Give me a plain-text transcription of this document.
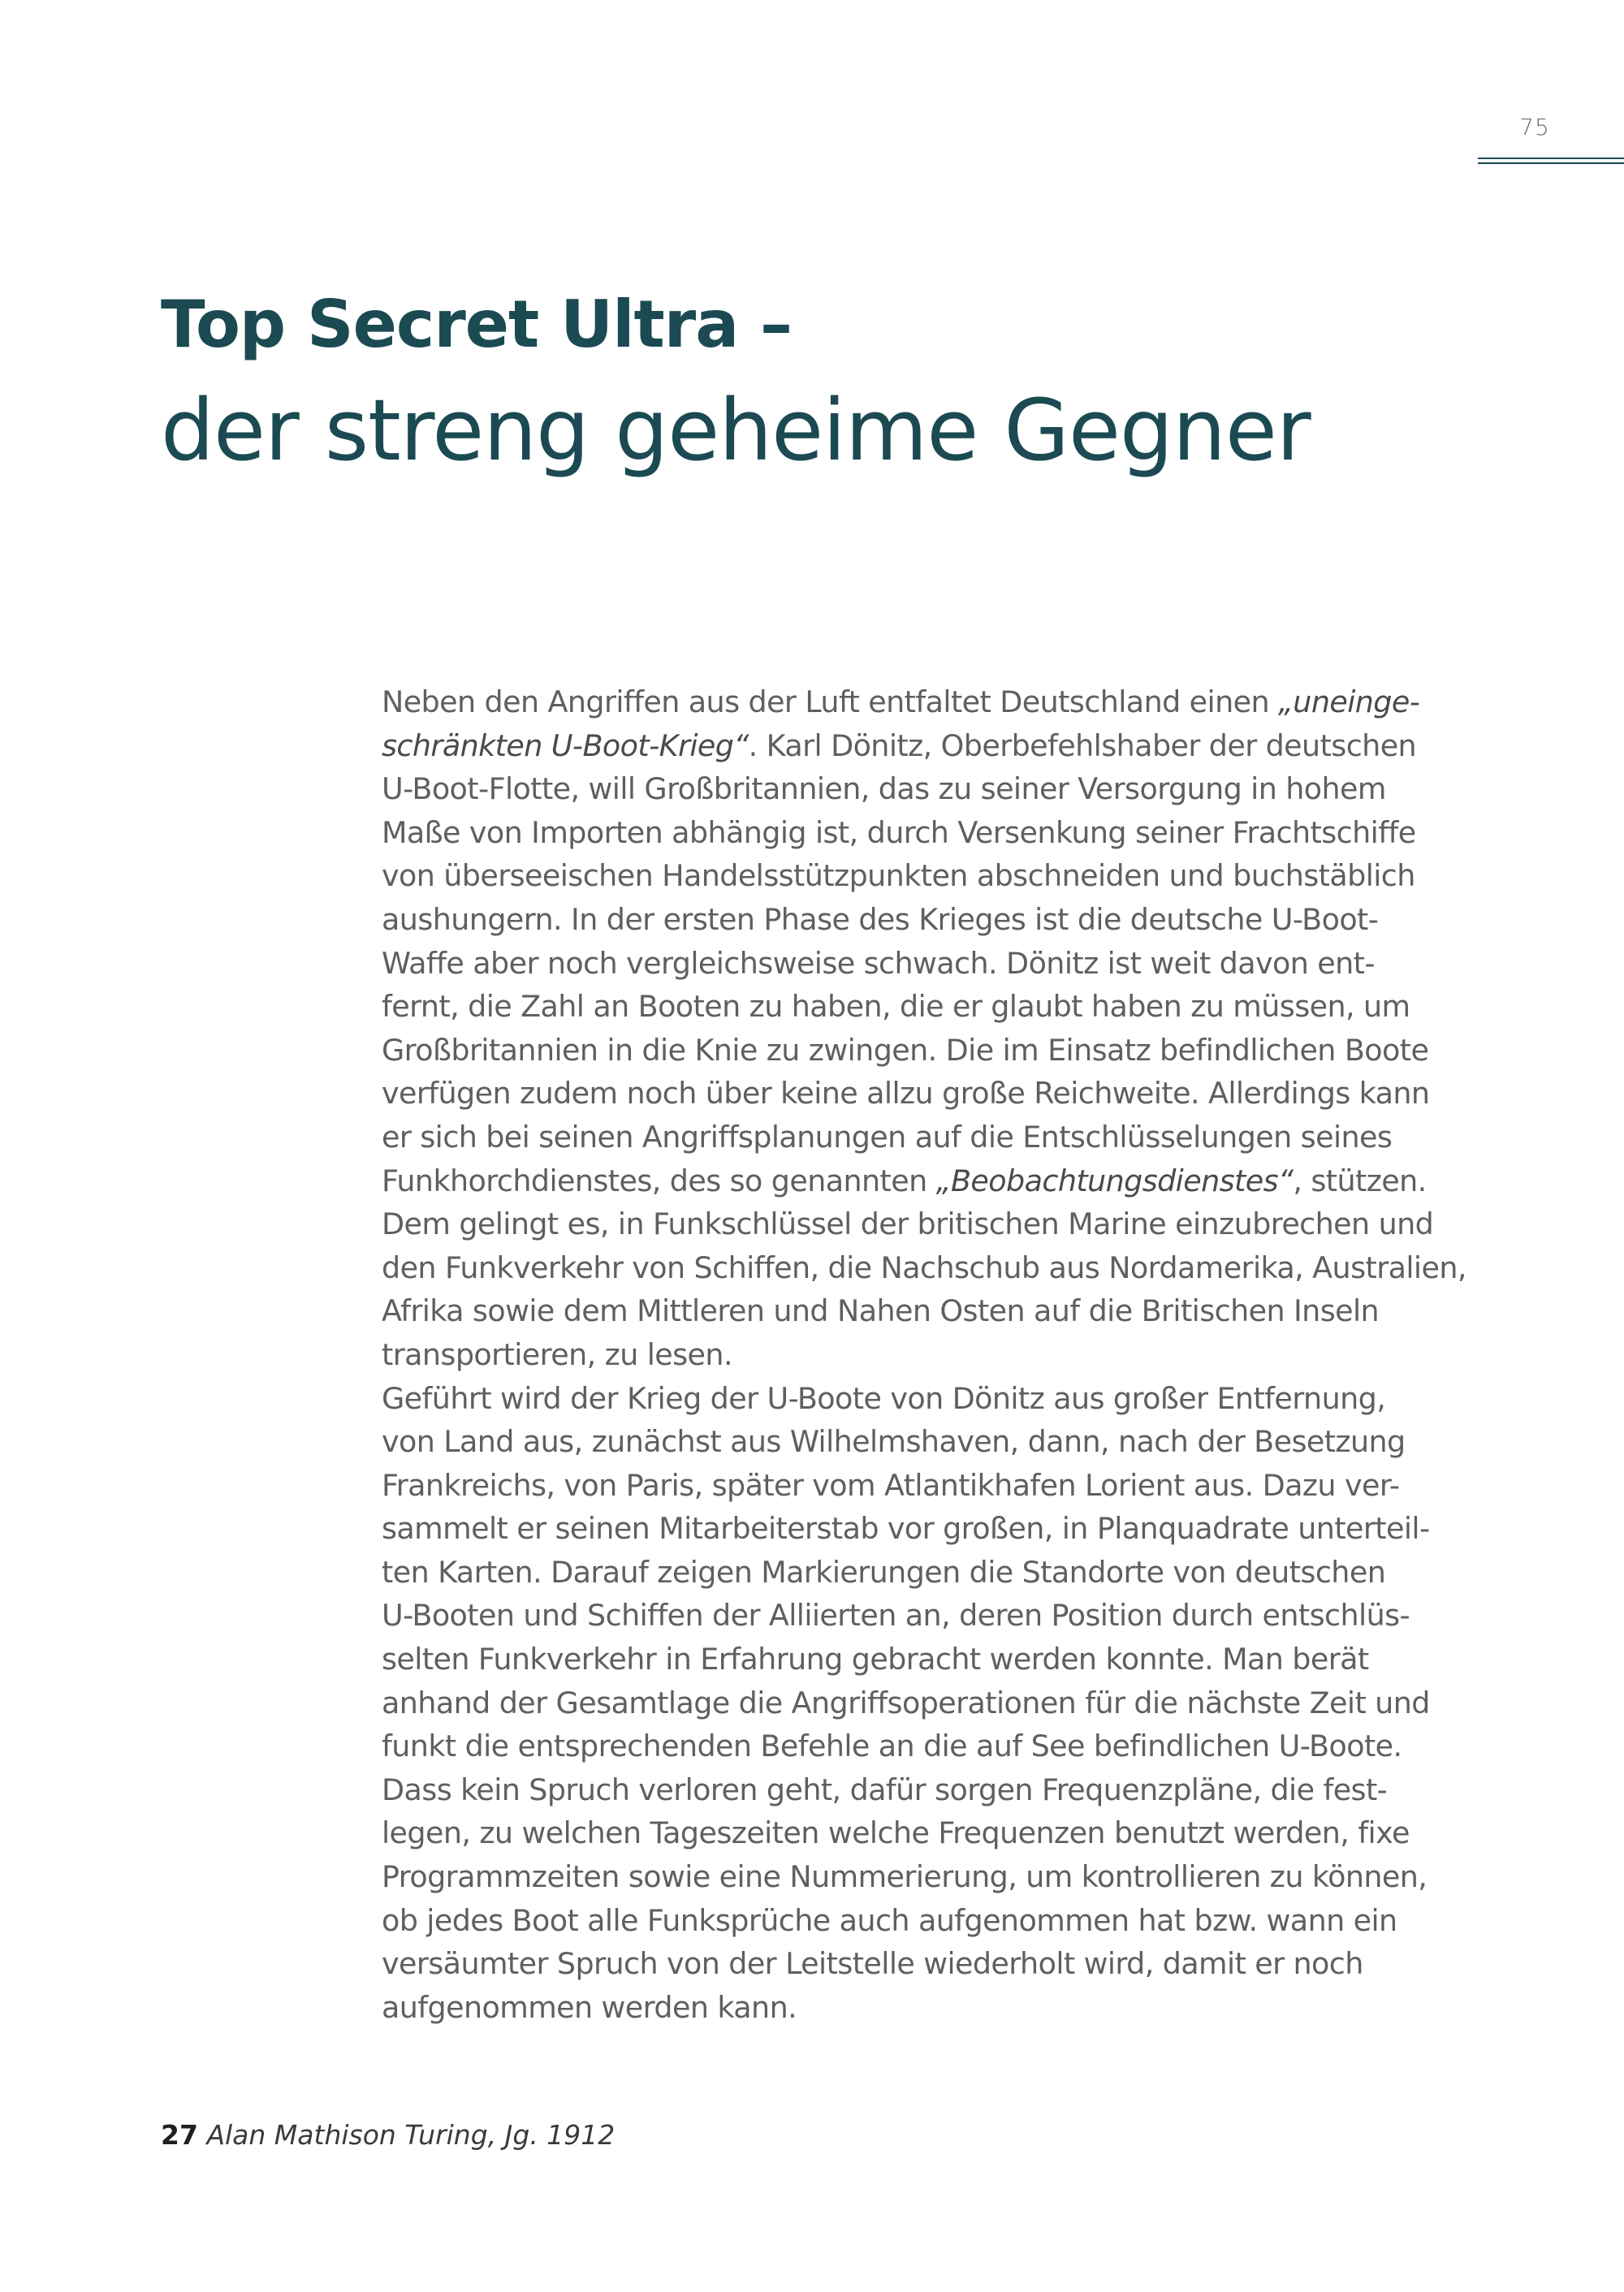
75
Top Secret Ultra –
der streng geheime Gegner
Neben den Angriffen aus der Luft entfaltet Deutschland einen „uneinge-
schränkten U-Boot-Krieg“. Karl Dönitz, Oberbefehlshaber der deutschen
U-Boot-Flotte, will Großbritannien, das zu seiner Versorgung in hohem
Maße von Importen abhängig ist, durch Versenkung seiner Frachtschiffe
von überseeischen Handelsstützpunkten abschneiden und buchstäblich
aushungern. In der ersten Phase des Krieges ist die deutsche U-Boot-
Waffe aber noch vergleichsweise schwach. Dönitz ist weit davon ent-
fernt, die Zahl an Booten zu haben, die er glaubt haben zu müssen, um
Großbritannien in die Knie zu zwingen. Die im Einsatz befindlichen Boote
verfügen zudem noch über keine allzu große Reichweite. Allerdings kann
er sich bei seinen Angriffsplanungen auf die Entschlüsselungen seines
Funkhorchdienstes, des so genannten „Beobachtungsdienstes“, stützen.
Dem gelingt es, in Funkschlüssel der britischen Marine einzubrechen und
den Funkverkehr von Schiffen, die Nachschub aus Nordamerika, Australien,
Afrika sowie dem Mittleren und Nahen Osten auf die Britischen Inseln
transportieren, zu lesen.
Geführt wird der Krieg der U-Boote von Dönitz aus großer Entfernung,
von Land aus, zunächst aus Wilhelmshaven, dann, nach der Besetzung
Frankreichs, von Paris, später vom Atlantikhafen Lorient aus. Dazu ver-
sammelt er seinen Mitarbeiterstab vor großen, in Planquadrate unterteil-
ten Karten. Darauf zeigen Markierungen die Standorte von deutschen
U-Booten und Schiffen der Alliierten an, deren Position durch entschlüs-
selten Funkverkehr in Erfahrung gebracht werden konnte. Man berät
anhand der Gesamtlage die Angriffsoperationen für die nächste Zeit und
funkt die entsprechenden Befehle an die auf See befindlichen U-Boote.
Dass kein Spruch verloren geht, dafür sorgen Frequenzpläne, die fest-
legen, zu welchen Tageszeiten welche Frequenzen benutzt werden, fixe
Programmzeiten sowie eine Nummerierung, um kontrollieren zu können,
ob jedes Boot alle Funksprüche auch aufgenommen hat bzw. wann ein
versäumter Spruch von der Leitstelle wiederholt wird, damit er noch
aufgenommen werden kann.
27 Alan Mathison Turing, Jg. 1912
